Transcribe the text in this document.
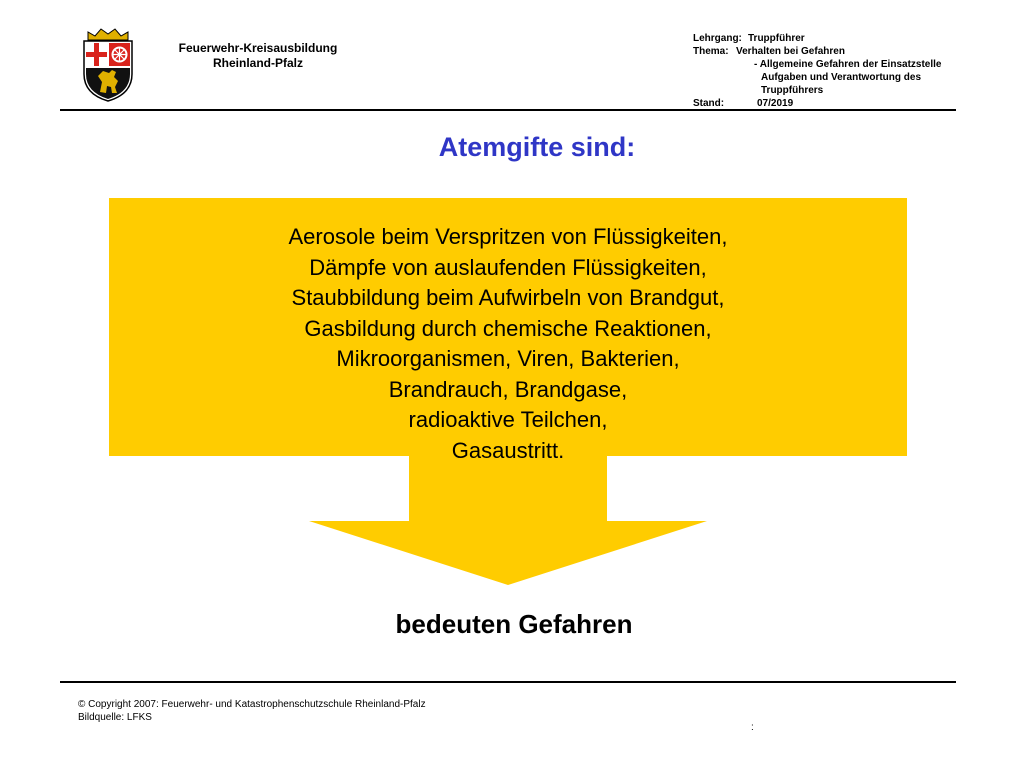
Feuerwehr-Kreisausbildung
Rheinland-Pfalz
Lehrgang: Truppführer
Thema: Verhalten bei Gefahren
- Allgemeine Gefahren der Einsatzstelle
Aufgaben und Verantwortung des
Truppführers
Stand:	07/2019
Atemgifte sind:
Aerosole beim Verspritzen von Flüssigkeiten,
Dämpfe von auslaufenden Flüssigkeiten,
Staubbildung beim Aufwirbeln von Brandgut,
Gasbildung durch chemische Reaktionen,
Mikroorganismen, Viren, Bakterien,
Brandrauch, Brandgase,
radioaktive Teilchen,
Gasaustritt.
bedeuten Gefahren
© Copyright 2007: Feuerwehr- und Katastrophenschutzschule Rheinland-Pfalz
Bildquelle: LFKS
:
